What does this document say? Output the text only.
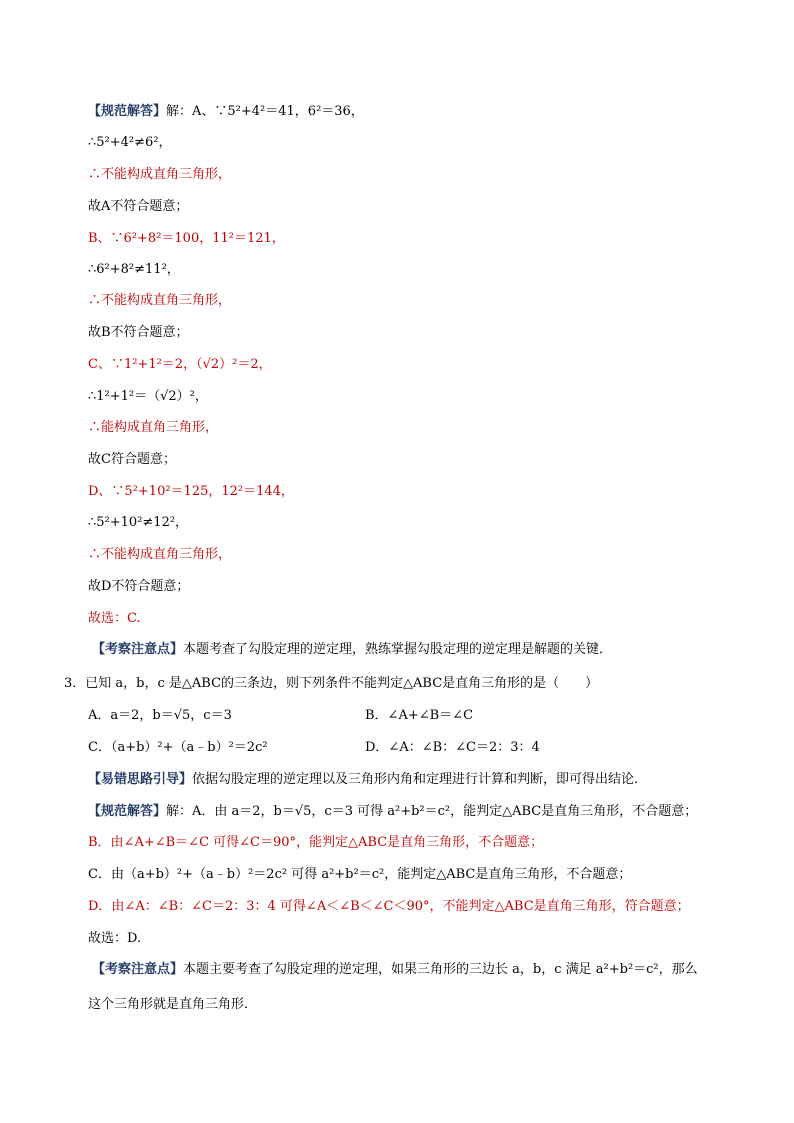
【规范解答】解：A、∵5²+4²＝41，6²＝36，
∴5²+4²≠6²，
∴不能构成直角三角形，
故A不符合题意；
B、∵6²+8²＝100，11²＝121，
∴6²+8²≠11²，
∴不能构成直角三角形，
故B不符合题意；
C、∵1²+1²＝2，（√2）²＝2，
∴1²+1²＝（√2）²，
∴能构成直角三角形，
故C符合题意；
D、∵5²+10²＝125，12²＝144，
∴5²+10²≠12²，
∴不能构成直角三角形，
故D不符合题意；
故选：C.
【考察注意点】本题考查了勾股定理的逆定理，熟练掌握勾股定理的逆定理是解题的关键．
3．已知 a，b，c 是△ABC的三条边，则下列条件不能判定△ABC是直角三角形的是（　　）
A．a＝2，b＝√5，c＝3	B．∠A+∠B＝∠C
C．（a+b）²+（a﹣b）²＝2c²	D．∠A：∠B：∠C＝2：3：4
【易错思路引导】依据勾股定理的逆定理以及三角形内角和定理进行计算和判断，即可得出结论．
【规范解答】解：A．由 a＝2，b＝√5，c＝3 可得 a²+b²＝c²，能判定△ABC是直角三角形，不合题意；
B．由∠A+∠B＝∠C 可得∠C＝90°，能判定△ABC是直角三角形，不合题意；
C．由（a+b）²+（a﹣b）²＝2c² 可得 a²+b²＝c²，能判定△ABC是直角三角形，不合题意；
D．由∠A：∠B：∠C＝2：3：4 可得∠A＜∠B＜∠C＜90°，不能判定△ABC是直角三角形，符合题意；
故选：D.
【考察注意点】本题主要考查了勾股定理的逆定理，如果三角形的三边长 a，b，c 满足 a²+b²＝c²，那么
这个三角形就是直角三角形．
